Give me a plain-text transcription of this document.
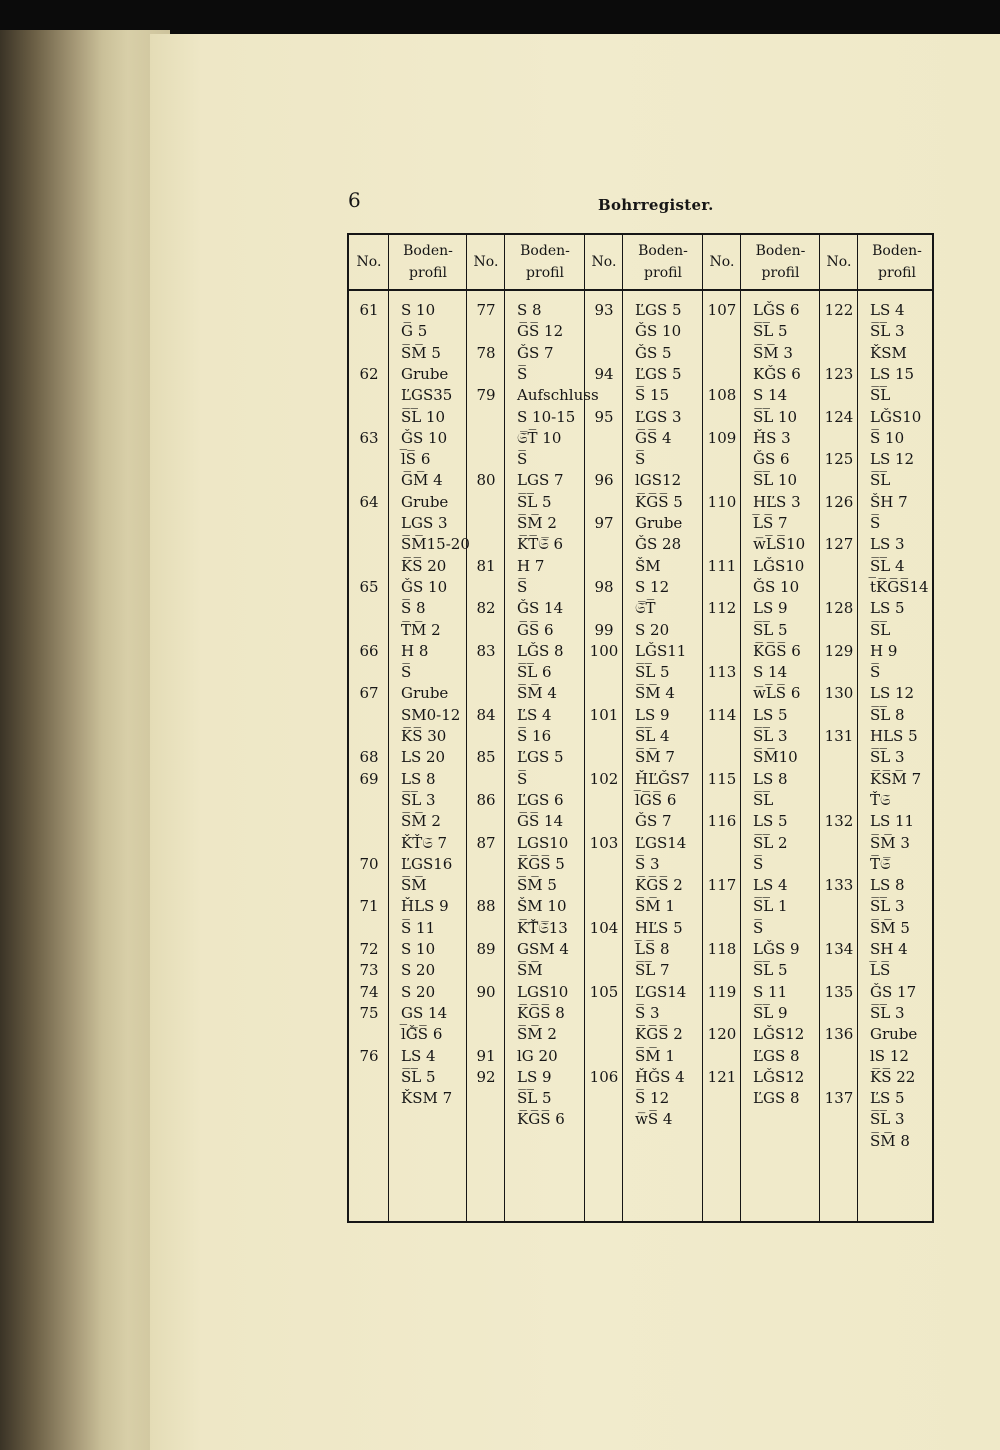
6	Bohrregister.
No.
Boden-
profil
61	S 10
G̅ 5
S̅M̅ 5
62	Grube
ĽGS35
S̅L̅ 10
63	ǦS 10
l̅S̅ 6
G̅M̅ 4
64	Grube
LGS 3
S̅M̅15-20
K̅S̅ 20
65	ǦS 10
S̅ 8
T̅M̅ 2
66	H 8
S̅
67	Grube
SM0-12
K̅S̅ 30
68	LS 20
69	LS 8
S̅L̅ 3
S̅M̅ 2
ǨŤ𝔖 7
70	ĽGS16
S̅M̅
71	ȞLS 9
S̅ 11
72	S 10
73	S 20
74	S 20
75	GS 14
l̅Ǧ̅S̅ 6
76	LS 4
S̅L̅ 5
ǨSM 7
No.
Boden-
profil
77	S 8
G̅S̅ 12
78	ǦS 7
S̅
79	Aufschluss
S 10-15
𝔖̅T̅ 10
S̅
80	LGS 7
S̅L̅ 5
S̅M̅ 2
K̅T̅𝔖̅ 6
81	H 7
S̅
82	ǦS 14
G̅S̅ 6
83	LǦS 8
S̅L̅ 6
S̅M̅ 4
84	ĽS 4
S̅ 16
85	ĽGS 5
S̅
86	ĽGS 6
G̅S̅ 14
87	LGS10
K̅G̅S̅ 5
S̅M̅ 5
88	ŠM 10
K̅Ť̅𝔖̅13
89	GSM 4
S̅M̅
90	LGS10
K̅G̅S̅ 8
S̅M̅ 2
91	lG 20
92	LS 9
S̅L̅ 5
K̅G̅S̅ 6
No.
Boden-
profil
93	ĽGS 5
ǦS 10
ǦS 5
94	ĽGS 5
S̅ 15
95	ĽGS 3
G̅S̅ 4
S̅
96	lGS12
K̅G̅S̅ 5
97	Grube
ǦS 28
ŠM
98	S 12
𝔖̅T̅
99	S 20
100	LǦS11
S̅L̅ 5
S̅M̅ 4
101	LS 9
S̅L̅ 4
S̅M̅ 7
102	ȞĽǦS7
l̅G̅S̅ 6
ǦS 7
103	ĽGS14
S̅ 3
K̅G̅S̅ 2
S̅M̅ 1
104	HĽS 5
L̅S̅ 8
S̅L̅ 7
105	ĽGS14
S̅ 3
K̅G̅S̅ 2
S̅M̅ 1
106	ȞǦS 4
S̅ 12
w̅S̅ 4
No.
Boden-
profil
107	LǦS 6
S̅L̅ 5
S̅M̅ 3
KǦS 6
108	S 14
S̅L̅ 10
109	ȞS 3
ǦS 6
S̅L̅ 10
110	HĽS 3
L̅S̅ 7
w̅L̅S̅10
111	LǦS10
ǦS 10
112	LS 9
S̅L̅ 5
K̅G̅S̅ 6
113	S 14
w̅L̅S̅ 6
114	LS 5
S̅L̅ 3
S̅M̅10
115	LS 8
S̅L̅
116	LS 5
S̅L̅ 2
S̅
117	LS 4
S̅L̅ 1
S̅
118	LǦS 9
S̅L̅ 5
119	S 11
S̅L̅ 9
120	LǦS12
ĽGS 8
121	LǦS12
ĽGS 8
No.
Boden-
profil
122	LS 4
S̅L̅ 3
ǨSM
123	LS 15
S̅L̅
124	LǦS10
S̅ 10
125	LS 12
S̅L̅
126	ŠH 7
S̅
127	LS 3
S̅L̅ 4
t̅K̅G̅S̅14
128	LS 5
S̅L̅
129	H 9
S̅
130	LS 12
S̅L̅ 8
131	HLS 5
S̅L̅ 3
K̅S̅M̅ 7
Ť𝔖
132	LS 11
S̅M̅ 3
T̅𝔖̅
133	LS 8
S̅L̅ 3
S̅M̅ 5
134	SH 4
L̅S̅
135	ǦS 17
S̅L̅ 3
136	Grube
lS 12
K̅S̅ 22
137	ĽS 5
S̅L̅ 3
S̅M̅ 8
